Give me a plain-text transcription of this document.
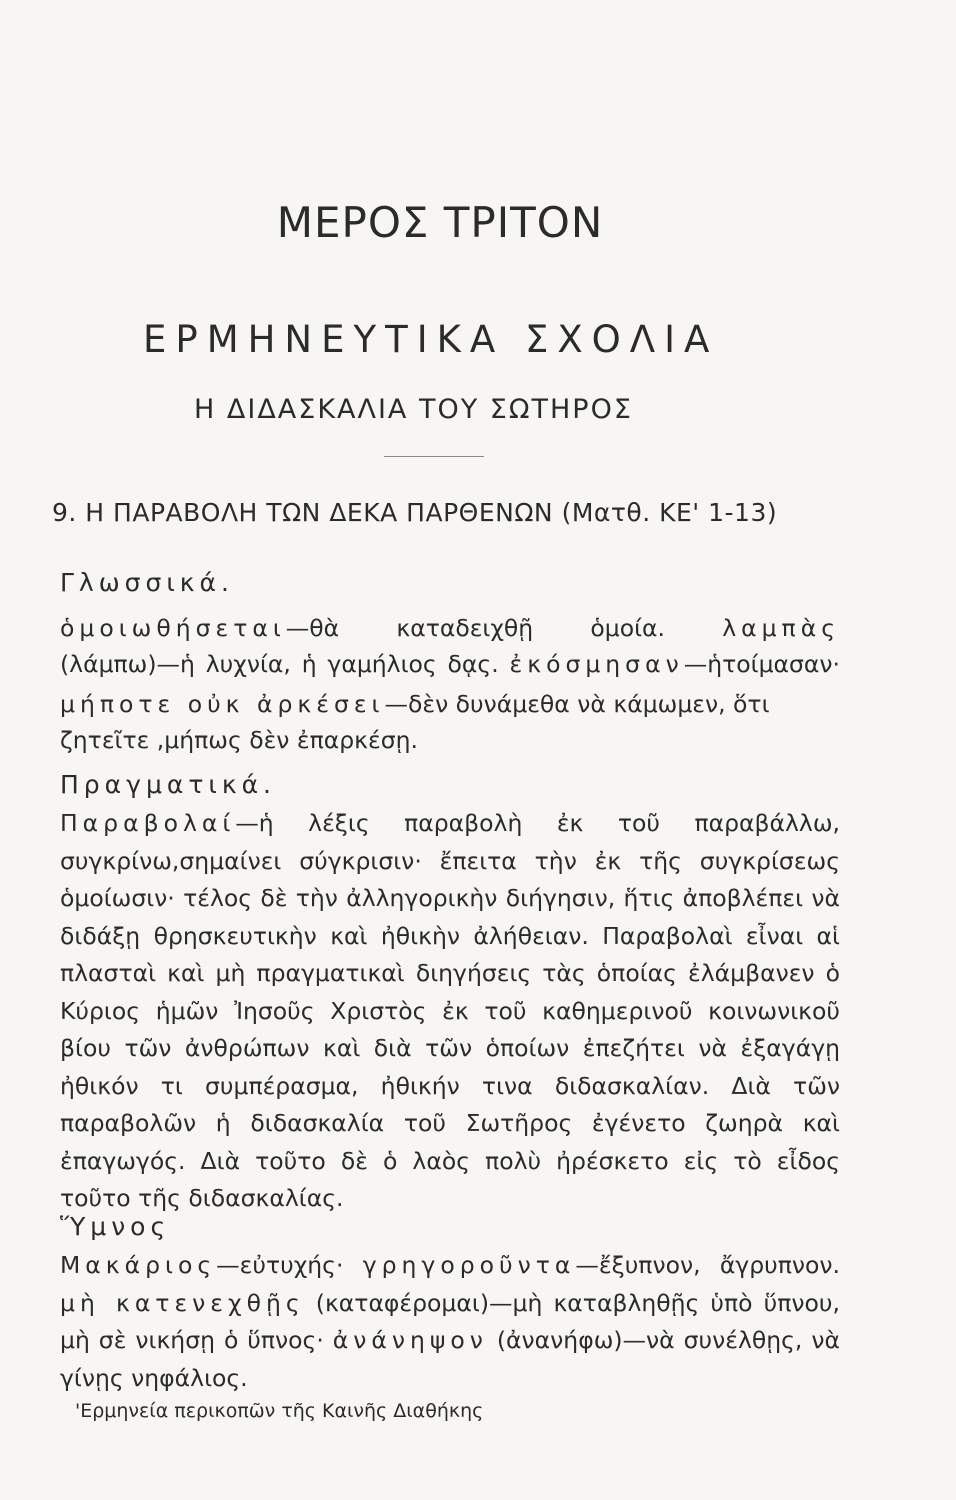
ΜΕΡΟΣ ΤΡΙΤΟΝ
ΕΡΜΗΝΕΥΤΙΚΑ ΣΧΟΛΙΑ
Η ΔΙΔΑΣΚΑΛΙΑ ΤΟΥ ΣΩΤΗΡΟΣ
9. Η ΠΑΡΑΒΟΛΗ ΤΩΝ ΔΕΚΑ ΠΑΡΘΕΝΩΝ (Ματθ. ΚΕ' 1-13)
Γλωσσικά.
ὁμοιωθήσεται—θὰ καταδειχθῇ ὁμοία. λαμπὰς
(λάμπω)—ἡ λυχνία, ἡ γαμήλιος δᾳς. ἐκόσμησαν—ἡτοίμασαν·
μήποτε οὐκ ἀρκέσει—δὲν δυνάμεθα νὰ κάμωμεν, ὅτι ζητεῖτε ,μήπως δὲν ἐπαρκέσῃ.
Πραγματικά.
Παραβολαί—ἡ λέξις παραβολὴ ἐκ τοῦ παραβάλλω, συγκρίνω,σημαίνει σύγκρισιν· ἔπειτα τὴν ἐκ τῆς συγκρίσεως ὁμοίωσιν· τέλος δὲ τὴν ἀλληγορικὴν διήγησιν, ἥτις ἀποβλέπει νὰ διδάξῃ θρησκευτικὴν καὶ ἠθικὴν ἀλήθειαν. Παραβολαὶ εἶναι αἱ πλασταὶ καὶ μὴ πραγματικαὶ διηγήσεις τὰς ὁποίας ἐλάμβανεν ὁ Κύριος ἡμῶν Ἰησοῦς Χριστὸς ἐκ τοῦ καθημερινοῦ κοινωνικοῦ βίου τῶν ἀνθρώπων καὶ διὰ τῶν ὁποίων ἐπεζήτει νὰ ἐξαγάγῃ ἠθικόν τι συμπέρασμα, ἠθικήν τινα διδασκαλίαν. Διὰ τῶν παραβολῶν ἡ διδασκαλία τοῦ Σωτῆρος ἐγένετο ζωηρὰ καὶ ἐπαγωγός. Διὰ τοῦτο δὲ ὁ λαὸς πολὺ ἠρέσκετο εἰς τὸ εἶδος τοῦτο τῆς διδασκαλίας.
Ὕμνος
Μακάριος—εὐτυχής· γρηγοροῦντα—ἔξυπνον, ἄγρυπνον. μὴ κατενεχθῇς (καταφέρομαι)—μὴ καταβληθῇς ὑπὸ ὕπνου, μὴ σὲ νικήσῃ ὁ ὕπνος· ἀνάνηψον (ἀνανήφω)—νὰ συνέλθῃς, νὰ γίνῃς νηφάλιος.
'Ερμηνεία περικοπῶν τῆς Καινῆς Διαθήκης
